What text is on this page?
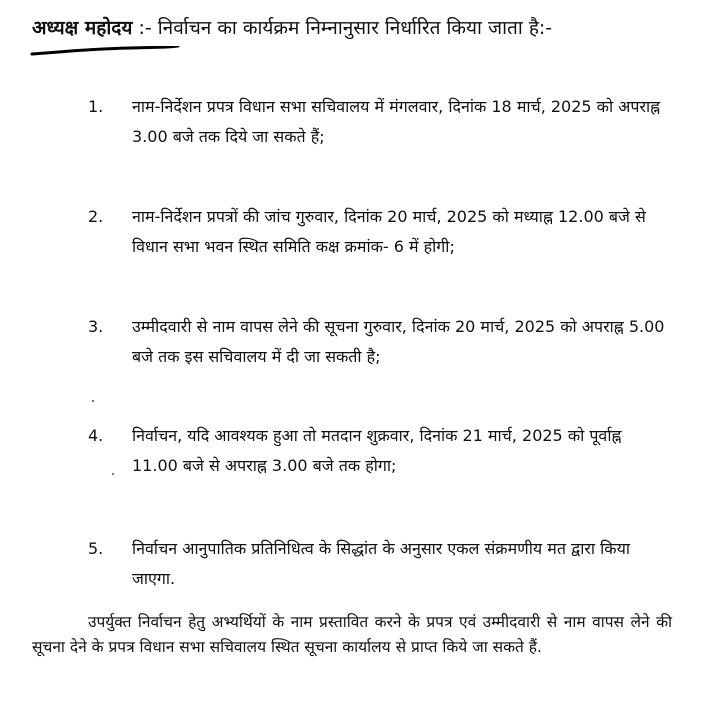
अध्यक्ष महोदय :- निर्वाचन का कार्यक्रम निम्नानुसार निर्धारित किया जाता है:-
1.	नाम-निर्देशन प्रपत्र विधान सभा सचिवालय में मंगलवार, दिनांक 18 मार्च, 2025 को अपराह्न 3.00 बजे तक दिये जा सकते हैं;
2.	नाम-निर्देशन प्रपत्रों की जांच गुरुवार, दिनांक 20 मार्च, 2025 को मध्याह्न 12.00 बजे से विधान सभा भवन स्थित समिति कक्ष क्रमांक- 6 में होगी;
3.	उम्मीदवारी से नाम वापस लेने की सूचना गुरुवार, दिनांक 20 मार्च, 2025 को अपराह्न 5.00 बजे तक इस सचिवालय में दी जा सकती है;
4.	निर्वाचन, यदि आवश्यक हुआ तो मतदान शुक्रवार, दिनांक 21 मार्च, 2025 को पूर्वाह्न 11.00 बजे से अपराह्न 3.00 बजे तक होगा;
5.	निर्वाचन आनुपातिक प्रतिनिधित्व के सिद्धांत के अनुसार एकल संक्रमणीय मत द्वारा किया जाएगा.
उपर्युक्त निर्वाचन हेतु अभ्यर्थियों के नाम प्रस्तावित करने के प्रपत्र एवं उम्मीदवारी से नाम वापस लेने की सूचना देने के प्रपत्र विधान सभा सचिवालय स्थित सूचना कार्यालय से प्राप्त किये जा सकते हैं.
